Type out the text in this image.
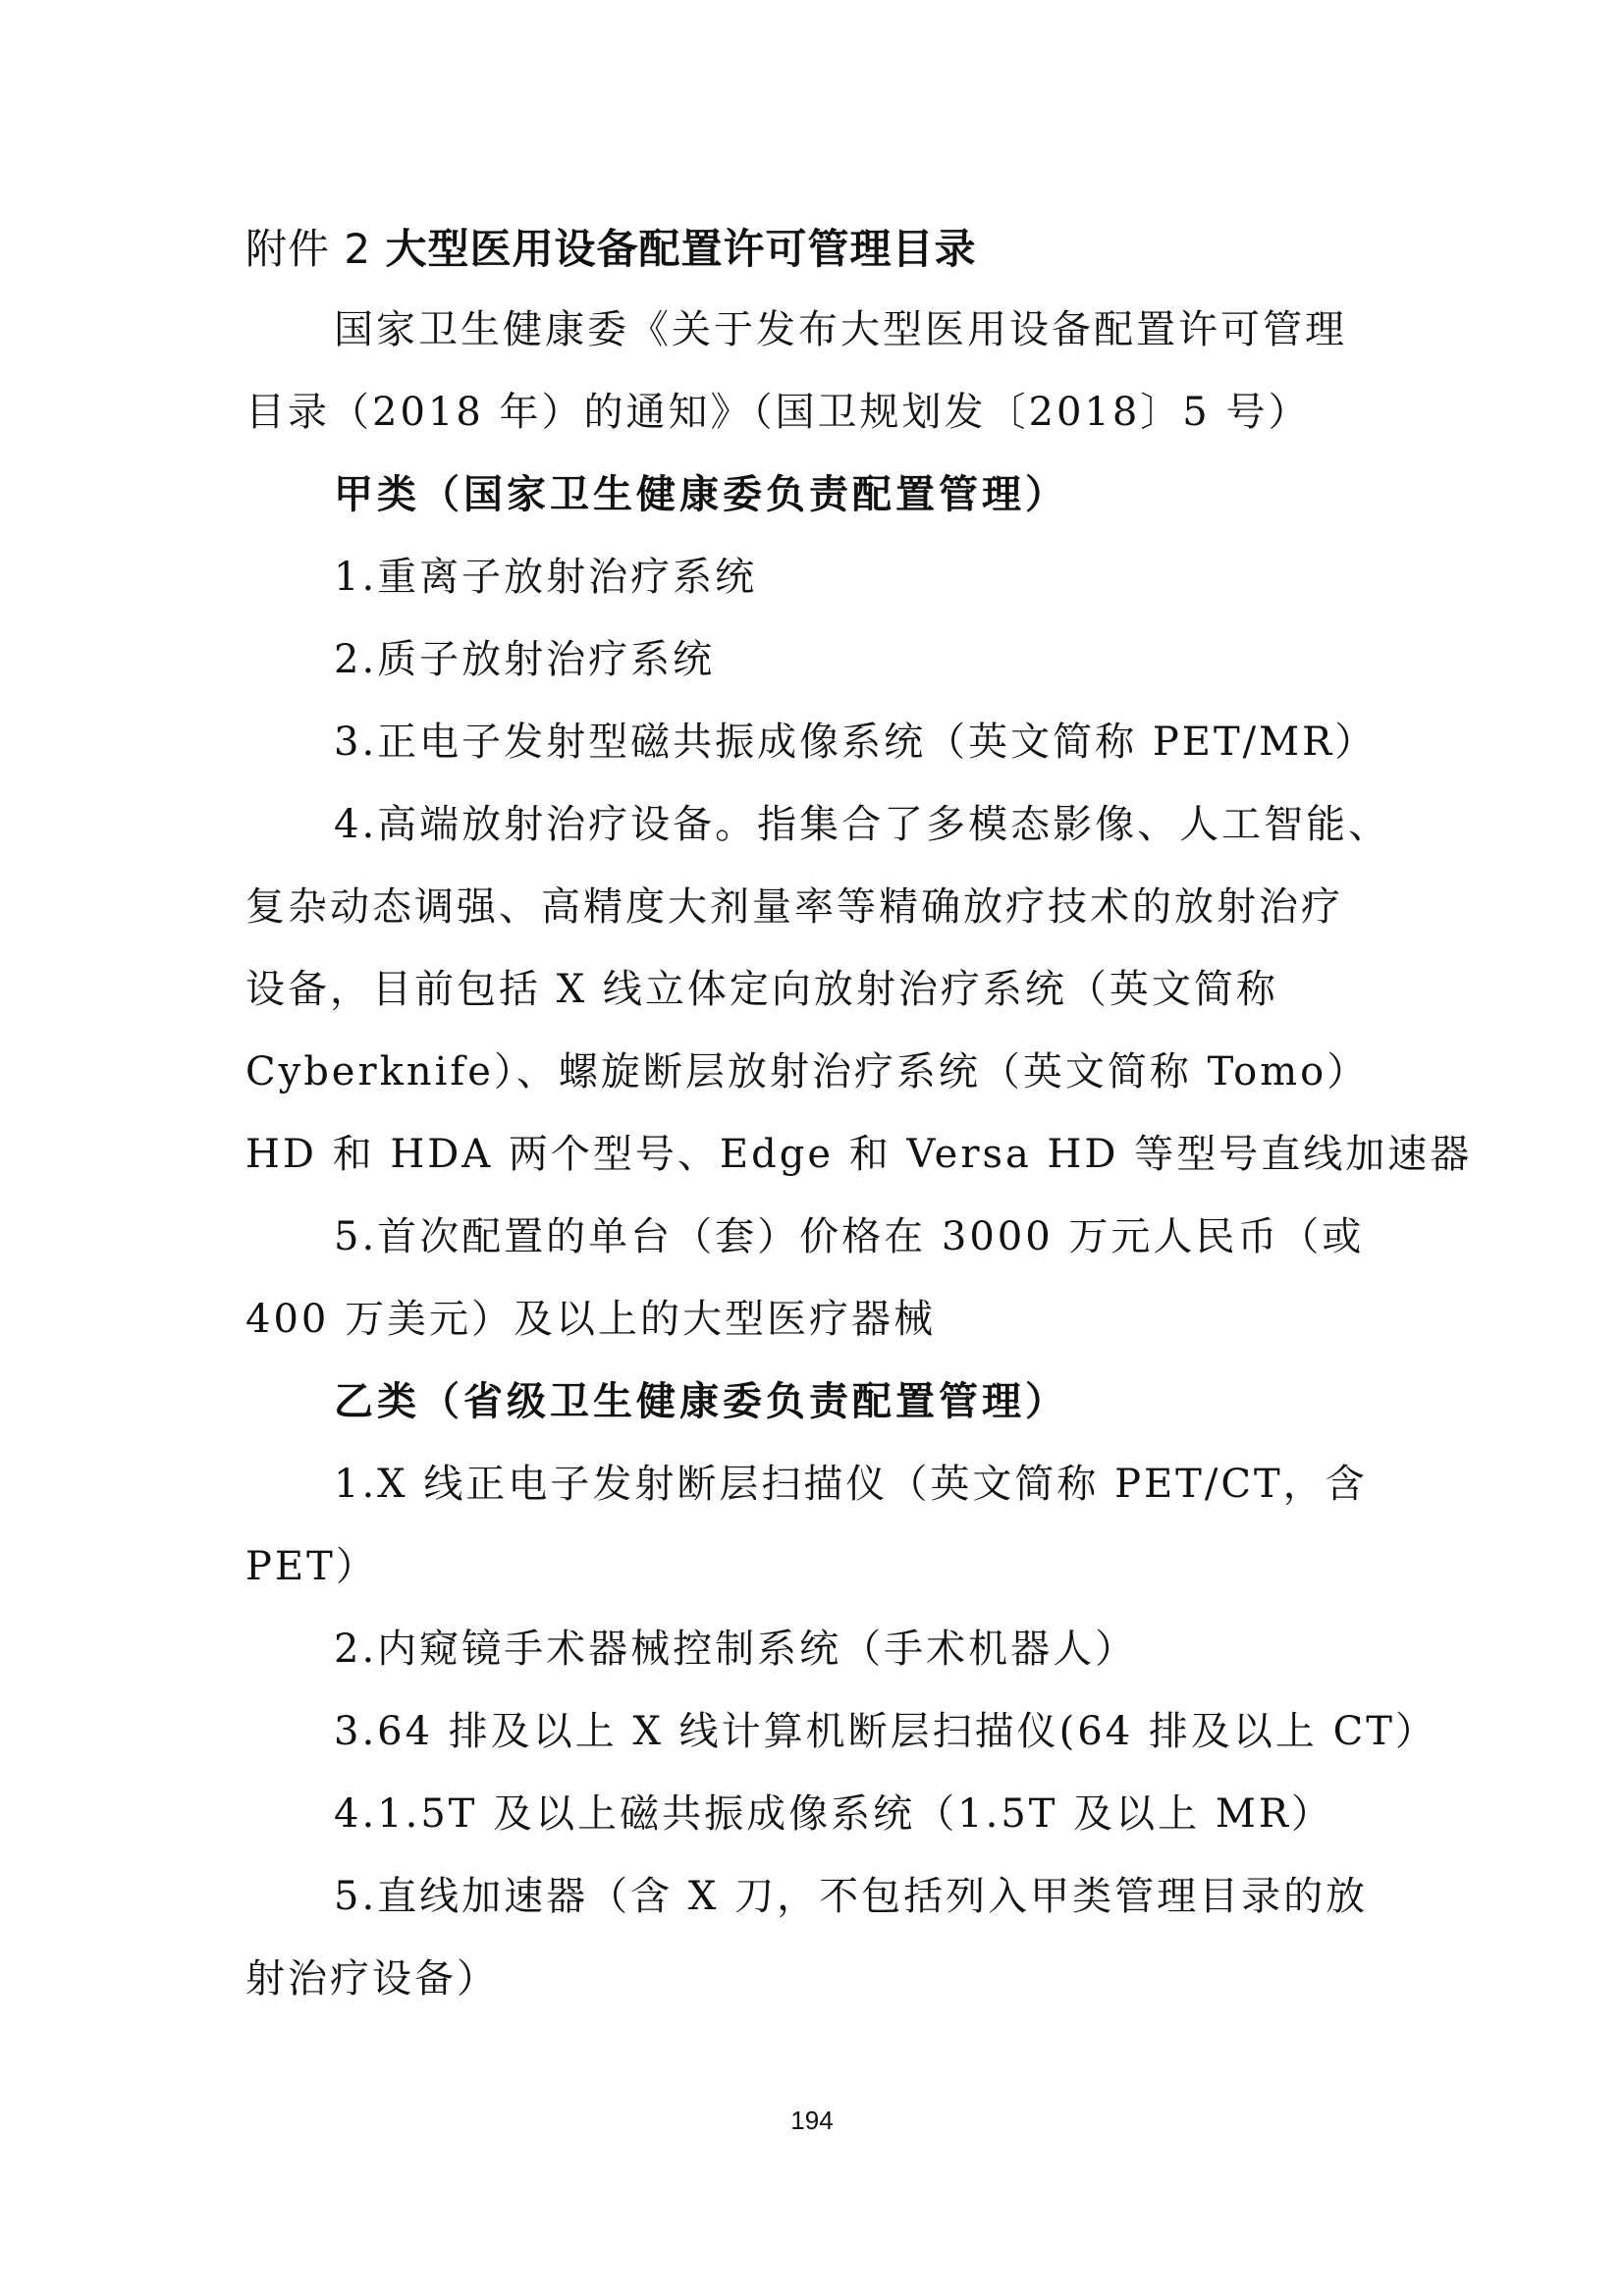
附件 2 大型医用设备配置许可管理目录
国家卫生健康委《关于发布大型医用设备配置许可管理
目录（2018 年）的通知》（国卫规划发〔2018〕5 号）
甲类（国家卫生健康委负责配置管理）
1.重离子放射治疗系统
2.质子放射治疗系统
3.正电子发射型磁共振成像系统（英文简称 PET/MR）
4.高端放射治疗设备。指集合了多模态影像、人工智能、
复杂动态调强、高精度大剂量率等精确放疗技术的放射治疗
设备，目前包括 X 线立体定向放射治疗系统（英文简称
Cyberknife）、螺旋断层放射治疗系统（英文简称 Tomo）
HD 和 HDA 两个型号、Edge 和 Versa HD 等型号直线加速器
5.首次配置的单台（套）价格在 3000 万元人民币（或
400 万美元）及以上的大型医疗器械
乙类（省级卫生健康委负责配置管理）
1.X 线正电子发射断层扫描仪（英文简称 PET/CT，含
PET）
2.内窥镜手术器械控制系统（手术机器人）
3.64 排及以上 X 线计算机断层扫描仪(64 排及以上 CT）
4.1.5T 及以上磁共振成像系统（1.5T 及以上 MR）
5.直线加速器（含 X 刀，不包括列入甲类管理目录的放
射治疗设备）
194
